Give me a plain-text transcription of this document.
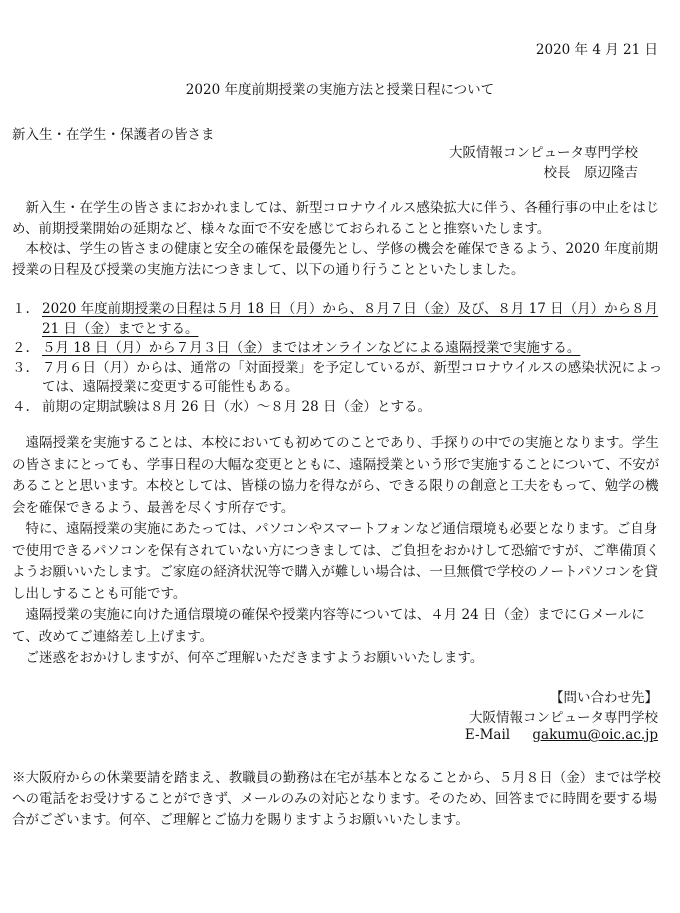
2020 年 4 月 21 日
2020 年度前期授業の実施方法と授業日程について
新入生・在学生・保護者の皆さま
大阪情報コンピュータ専門学校
校長　原辺隆吉
　新入生・在学生の皆さまにおかれましては、新型コロナウイルス感染拡大に伴う、各種行事の中止をはじめ、前期授業開始の延期など、様々な面で不安を感じておられることと推察いたします。
　本校は、学生の皆さまの健康と安全の確保を最優先とし、学修の機会を確保できるよう、2020 年度前期授業の日程及び授業の実施方法につきまして、以下の通り行うことといたしました。
１. 2020 年度前期授業の日程は５月 18 日（月）から、８月７日（金）及び、８月 17 日（月）から８月 21 日（金）までとする。
２. ５月 18 日（月）から７月３日（金）まではオンラインなどによる遠隔授業で実施する。
３. ７月６日（月）からは、通常の「対面授業」を予定しているが、新型コロナウイルスの感染状況によっては、遠隔授業に変更する可能性もある。
４. 前期の定期試験は８月 26 日（水）～８月 28 日（金）とする。
　遠隔授業を実施することは、本校においても初めてのことであり、手探りの中での実施となります。学生の皆さまにとっても、学事日程の大幅な変更とともに、遠隔授業という形で実施することについて、不安があることと思います。本校としては、皆様の協力を得ながら、できる限りの創意と工夫をもって、勉学の機会を確保できるよう、最善を尽くす所存です。
　特に、遠隔授業の実施にあたっては、パソコンやスマートフォンなど通信環境も必要となります。ご自身で使用できるパソコンを保有されていない方につきましては、ご負担をおかけして恐縮ですが、ご準備頂くようお願いいたします。ご家庭の経済状況等で購入が難しい場合は、一旦無償で学校のノートパソコンを貸し出しすることも可能です。
　遠隔授業の実施に向けた通信環境の確保や授業内容等については、４月 24 日（金）までにＧメールにて、改めてご連絡差し上げます。
　ご迷惑をおかけしますが、何卒ご理解いただきますようお願いいたします。
【問い合わせ先】
大阪情報コンピュータ専門学校
E-Mail gakumu@oic.ac.jp
※大阪府からの休業要請を踏まえ、教職員の勤務は在宅が基本となることから、５月８日（金）までは学校への電話をお受けすることができず、メールのみの対応となります。そのため、回答までに時間を要する場合がございます。何卒、ご理解とご協力を賜りますようお願いいたします。
